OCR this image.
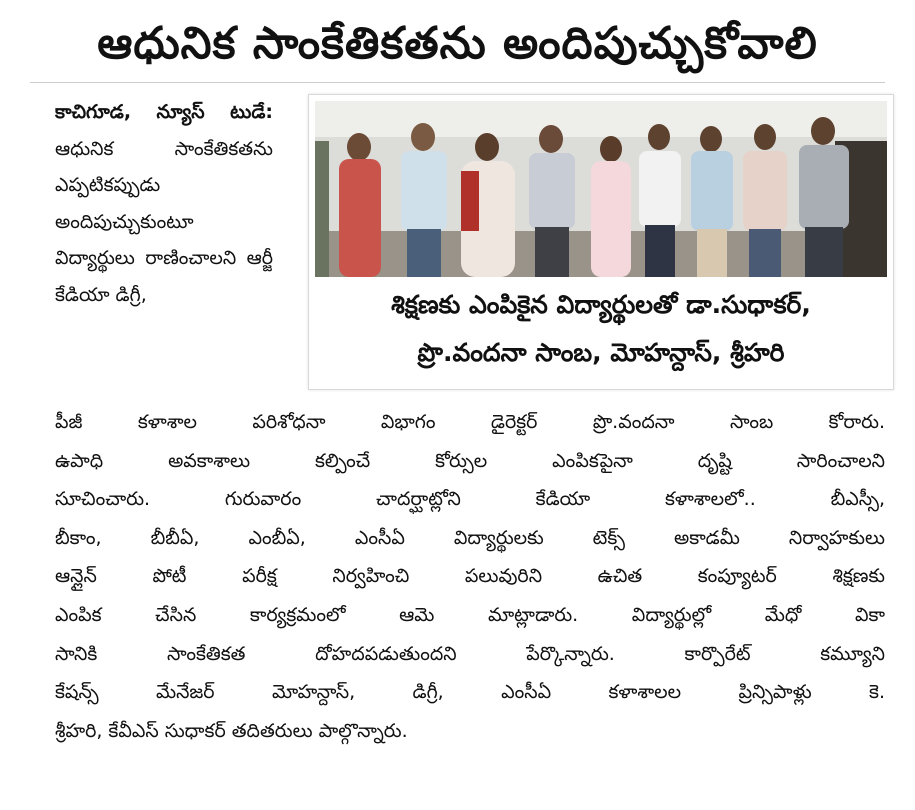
ఆధునిక సాంకేతికతను అందిపుచ్చుకోవాలి

కాచిగూడ, న్యూస్ టుడే: ఆధునిక సాంకేతికతను ఎప్పటికప్పుడు అందిపుచ్చుకుంటూ విద్యార్థులు రాణించాలని ఆర్జీ కేడియా డిగ్రీ,	శిక్షణకు ఎంపికైన విద్యార్థులతో డా.సుధాకర్,
ప్రొ.వందనా సాంబ, మోహన్దాస్, శ్రీహరి
పీజీ కళాశాల పరిశోధనా విభాగం డైరెక్టర్ ప్రొ.వందనా సాంబ కోరారు.
ఉపాధి అవకాశాలు కల్పించే కోర్సుల ఎంపికపైనా దృష్టి సారించాలని
సూచించారు. గురువారం చాదర్ఘాట్లోని కేడియా కళాశాలలో.. బీఎస్సీ,
బీకాం, బీబీఏ, ఎంబీఏ, ఎంసీఏ విద్యార్థులకు టెక్స్ అకాడమీ నిర్వాహకులు
ఆన్లైన్ పోటీ పరీక్ష నిర్వహించి పలువురిని ఉచిత కంప్యూటర్ శిక్షణకు
ఎంపిక చేసిన కార్యక్రమంలో ఆమె మాట్లాడారు. విద్యార్థుల్లో మేధో వికా
సానికి సాంకేతికత దోహదపడుతుందని పేర్కొన్నారు. కార్పొరేట్ కమ్యూని
కేషన్స్ మేనేజర్ మోహన్దాస్, డిగ్రీ, ఎంసీఏ కళాశాలల ప్రిన్సిపాళ్లు కె.
శ్రీహరి, కేవీఎస్ సుధాకర్ తదితరులు పాల్గొన్నారు.
